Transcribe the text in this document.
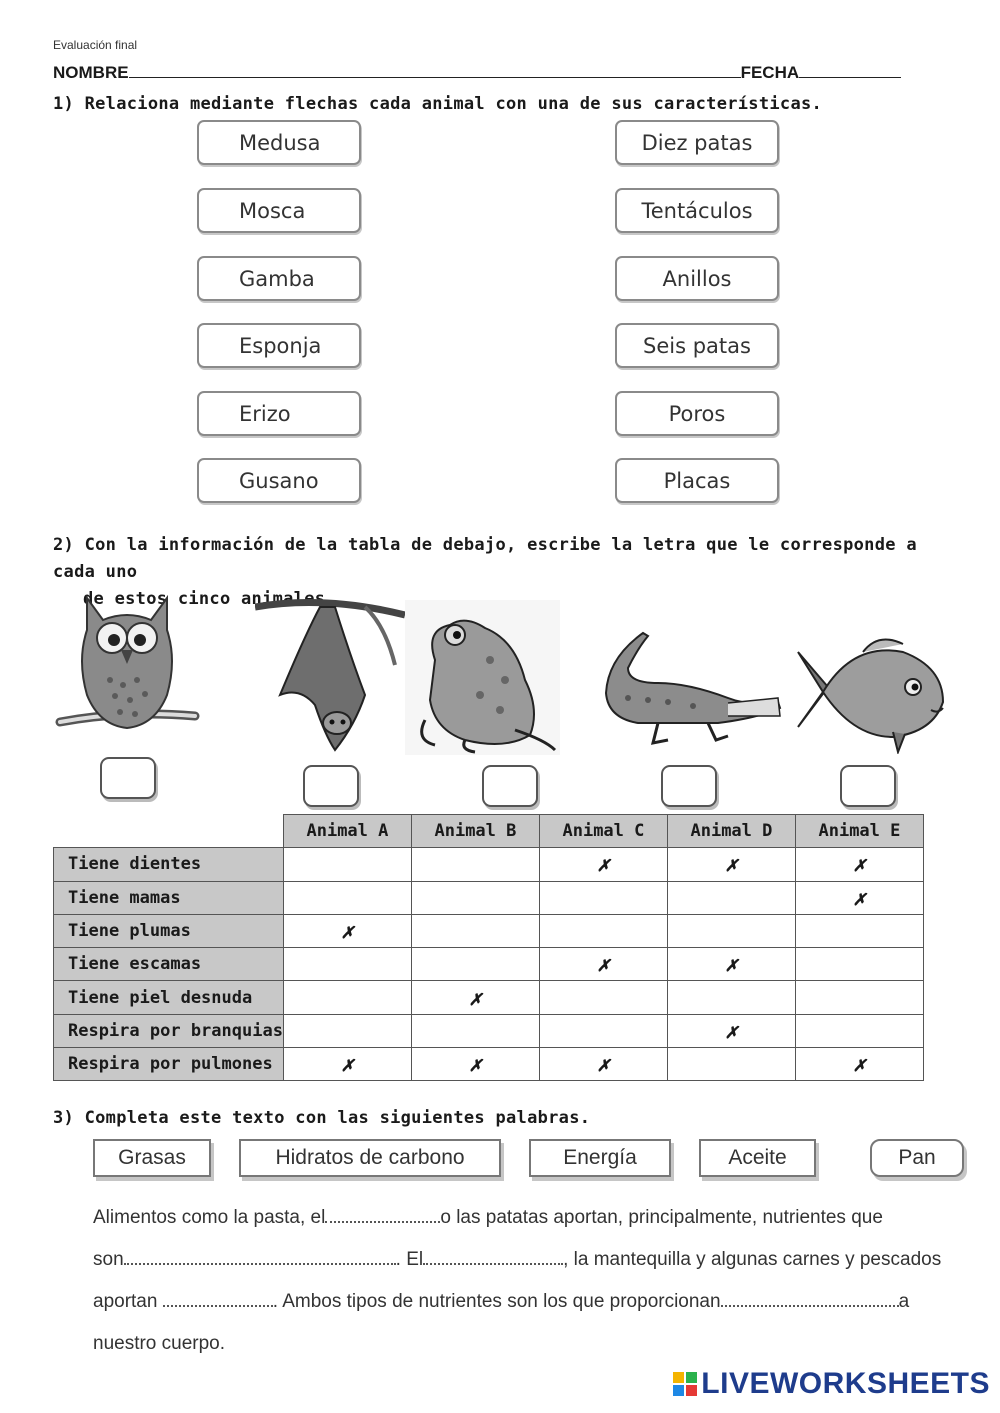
Evaluación final
NOMBRE	FECHA
1) Relaciona mediante flechas cada animal con una de sus características.
Medusa
Mosca
Gamba
Esponja
Erizo
Gusano
Diez patas
Tentáculos
Anillos
Seis patas
Poros
Placas
2) Con la información de la tabla de debajo, escribe la letra que le corresponde a cada uno
de estos cinco animales.
	Animal A	Animal B	Animal C	Animal D	Animal E
Tiene dientes			✗	✗	✗
Tiene mamas					✗
Tiene plumas	✗				
Tiene escamas			✗	✗	
Tiene piel desnuda		✗			
Respira por branquias				✗	
Respira por pulmones	✗	✗	✗		✗
3) Completa este texto con las siguientes palabras.
Grasas	Hidratos de carbono	Energía	Aceite	Pan
Alimentos como la pasta, el	o las patatas aportan, principalmente, nutrientes que
son	. El	, la mantequilla y algunas carnes y pescados
aportan	. Ambos tipos de nutrientes son los que proporcionan	a
nuestro cuerpo.
LIVEWORKSHEETS
